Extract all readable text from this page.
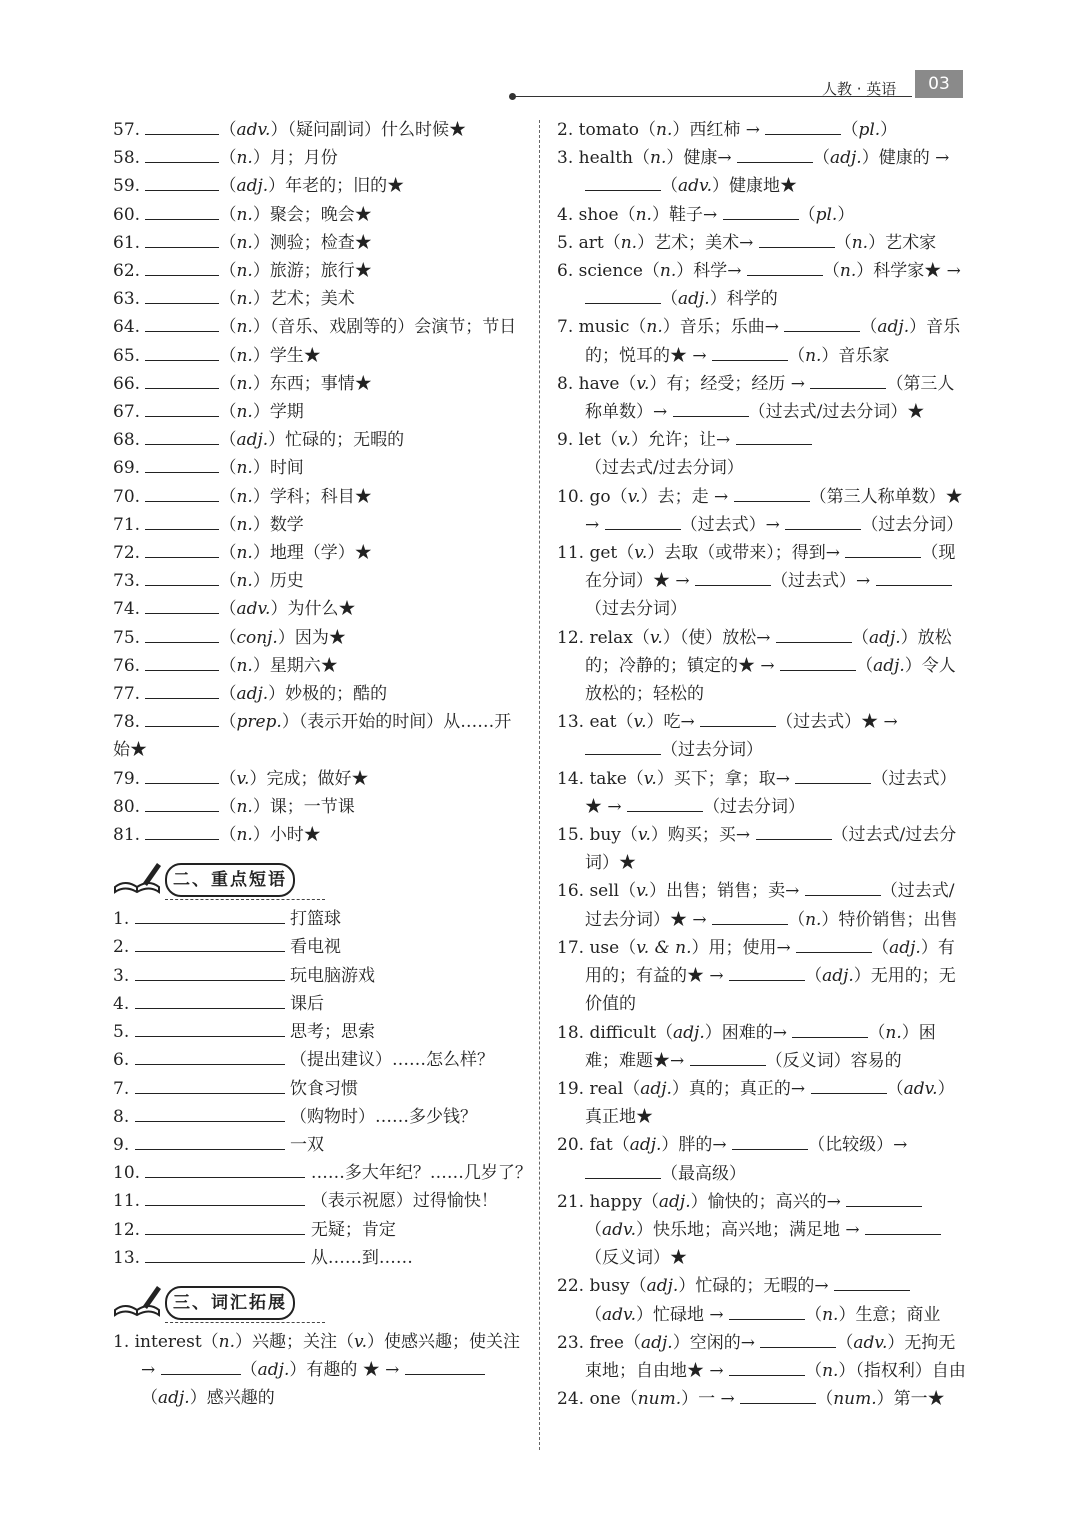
人教 · 英语	03
57.	（adv.）（疑问副词）什么时候★
58.	（n.）月；月份
59.	（adj.）年老的；旧的★
60.	（n.）聚会；晚会★
61.	（n.）测验；检查★
62.	（n.）旅游；旅行★
63.	（n.）艺术；美术
64.	（n.）（音乐、戏剧等的）会演节；节日
65.	（n.）学生★
66.	（n.）东西；事情★
67.	（n.）学期
68.	（adj.）忙碌的；无暇的
69.	（n.）时间
70.	（n.）学科；科目★
71.	（n.）数学
72.	（n.）地理（学）★
73.	（n.）历史
74.	（adv.）为什么★
75.	（conj.）因为★
76.	（n.）星期六★
77.	（adj.）妙极的；酷的
78.	（prep.）（表示开始的时间）从……开始★
79.	（v.）完成；做好★
80.	（n.）课；一节课
81.	（n.）小时★
二、重点短语
1.	打篮球
2.	看电视
3.	玩电脑游戏
4.	课后
5.	思考；思索
6.	（提出建议）……怎么样？
7.	饮食习惯
8.	（购物时）……多少钱？
9.	一双
10.	……多大年纪？……几岁了？
11.	（表示祝愿）过得愉快！
12.	无疑；肯定
13.	从……到……
三、词汇拓展
1. interest（n.）兴趣；关注（v.）使感兴趣；使关注 →	（adj.）有趣的 ★ → （adj.）感兴趣的
2. tomato（n.）西红柿 →	（pl.）
3. health（n.）健康→	（adj.）健康的 → （adv.）健康地★
4. shoe（n.）鞋子→	（pl.）
5. art（n.）艺术；美术→	（n.）艺术家
6. science（n.）科学→	（n.）科学家★ → （adj.）科学的
7. music（n.）音乐；乐曲→	（adj.）音乐的；悦耳的★ →	（n.）音乐家
8. have（v.）有；经受；经历 →	（第三人称单数）→	（过去式/过去分词）★
9. let（v.）允许；让→ （过去式/过去分词）
10. go（v.）去；走 →	（第三人称单数）★ →	（过去式）→	（过去分词）
11. get（v.）去取（或带来）；得到→	（现在分词）★ →	（过去式）→ （过去分词）
12. relax（v.）（使）放松→	（adj.）放松的；冷静的；镇定的★ →	（adj.）令人放松的；轻松的
13. eat（v.）吃→	（过去式）★ → （过去分词）
14. take（v.）买下；拿；取→	（过去式）★ →	（过去分词）
15. buy（v.）购买；买→	（过去式/过去分词）★
16. sell（v.）出售；销售；卖→	（过去式/过去分词）★ →	（n.）特价销售；出售
17. use（v. & n.）用；使用→	（adj.）有用的；有益的★ →	（adj.）无用的；无价值的
18. difficult（adj.）困难的→	（n.）困难；难题★→	（反义词）容易的
19. real（adj.）真的；真正的→	（adv.）真正地★
20. fat（adj.）胖的→	（比较级）→ （最高级）
21. happy（adj.）愉快的；高兴的→ （adv.）快乐地；高兴地；满足地 → （反义词）★
22. busy（adj.）忙碌的；无暇的→ （adv.）忙碌地 →	（n.）生意；商业
23. free（adj.）空闲的→	（adv.）无拘无束地；自由地★ →	（n.）（指权利）自由
24. one（num.）一 →	（num.）第一★
